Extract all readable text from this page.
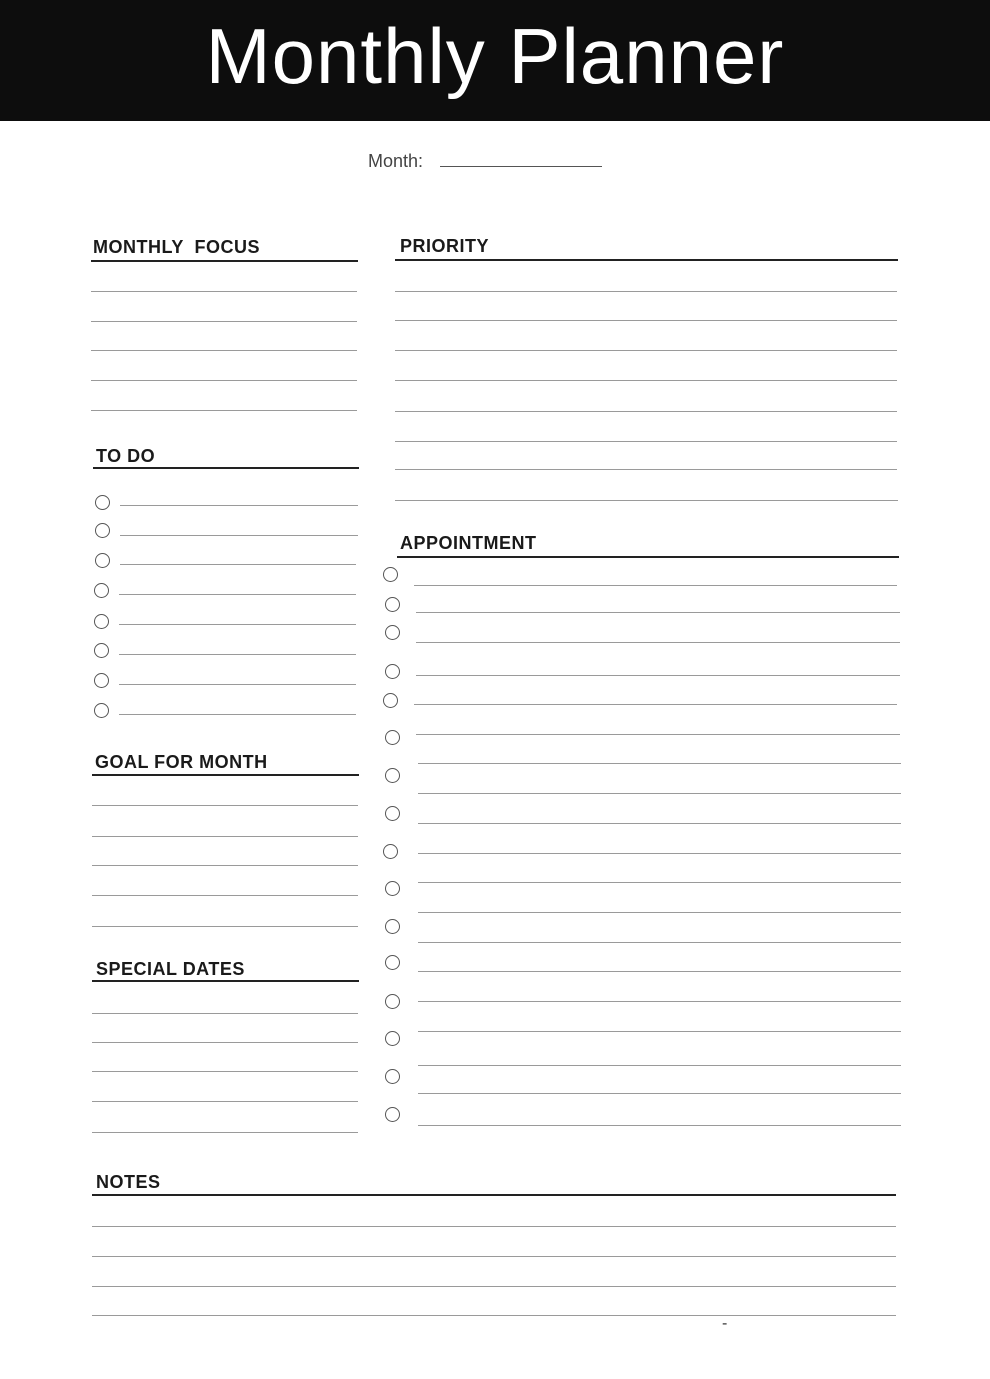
Monthly Planner
Month:
MONTHLY  FOCUS	PRIORITY
TO DO
APPOINTMENT
GOAL FOR MONTH
SPECIAL DATES
NOTES
-
